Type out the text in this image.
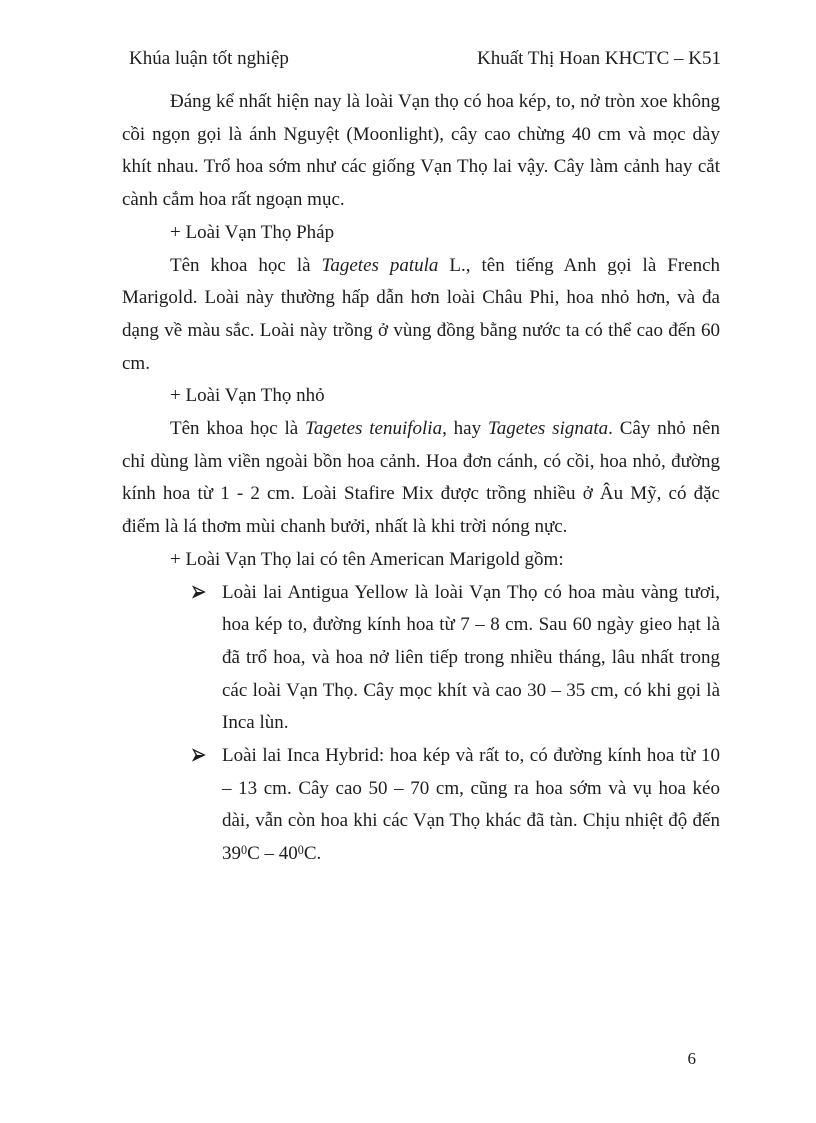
Khúa luận tốt nghiệp	Khuất Thị Hoan KHCTC – K51

Đáng kể nhất hiện nay là loài Vạn thọ có hoa kép, to, nở tròn xoe không cồi ngọn gọi là ánh Nguyệt (Moonlight), cây cao chừng 40 cm và mọc dày khít nhau. Trổ hoa sớm như các giống Vạn Thọ lai vậy. Cây làm cảnh hay cắt cành cắm hoa rất ngoạn mục.

+ Loài Vạn Thọ Pháp

Tên khoa học là Tagetes patula L., tên tiếng Anh gọi là French Marigold. Loài này thường hấp dẫn hơn loài Châu Phi, hoa nhỏ hơn, và đa dạng về màu sắc. Loài này trồng ở vùng đồng bằng nước ta có thể cao đến 60 cm.

+ Loài Vạn Thọ nhỏ

Tên khoa học là Tagetes tenuifolia, hay Tagetes signata. Cây nhỏ nên chỉ dùng làm viền ngoài bồn hoa cảnh. Hoa đơn cánh, có cồi, hoa nhỏ, đường kính hoa từ 1 - 2 cm. Loài Stafire Mix được trồng nhiều ở Âu Mỹ, có đặc điểm là lá thơm mùi chanh bưởi, nhất là khi trời nóng nực.

+ Loài Vạn Thọ lai có tên American Marigold gồm:

Loài lai Antigua Yellow là loài Vạn Thọ có hoa màu vàng tươi, hoa kép to, đường kính hoa từ 7 – 8 cm. Sau 60 ngày gieo hạt là đã trổ hoa, và hoa nở liên tiếp trong nhiều tháng, lâu nhất trong các loài Vạn Thọ. Cây mọc khít và cao 30 – 35 cm, có khi gọi là Inca lùn.
Loài lai Inca Hybrid: hoa kép và rất to, có đường kính hoa từ 10 – 13 cm. Cây cao 50 – 70 cm, cũng ra hoa sớm và vụ hoa kéo dài, vẫn còn hoa khi các Vạn Thọ khác đã tàn. Chịu nhiệt độ đến $39^0C - 40^0C$.
6
